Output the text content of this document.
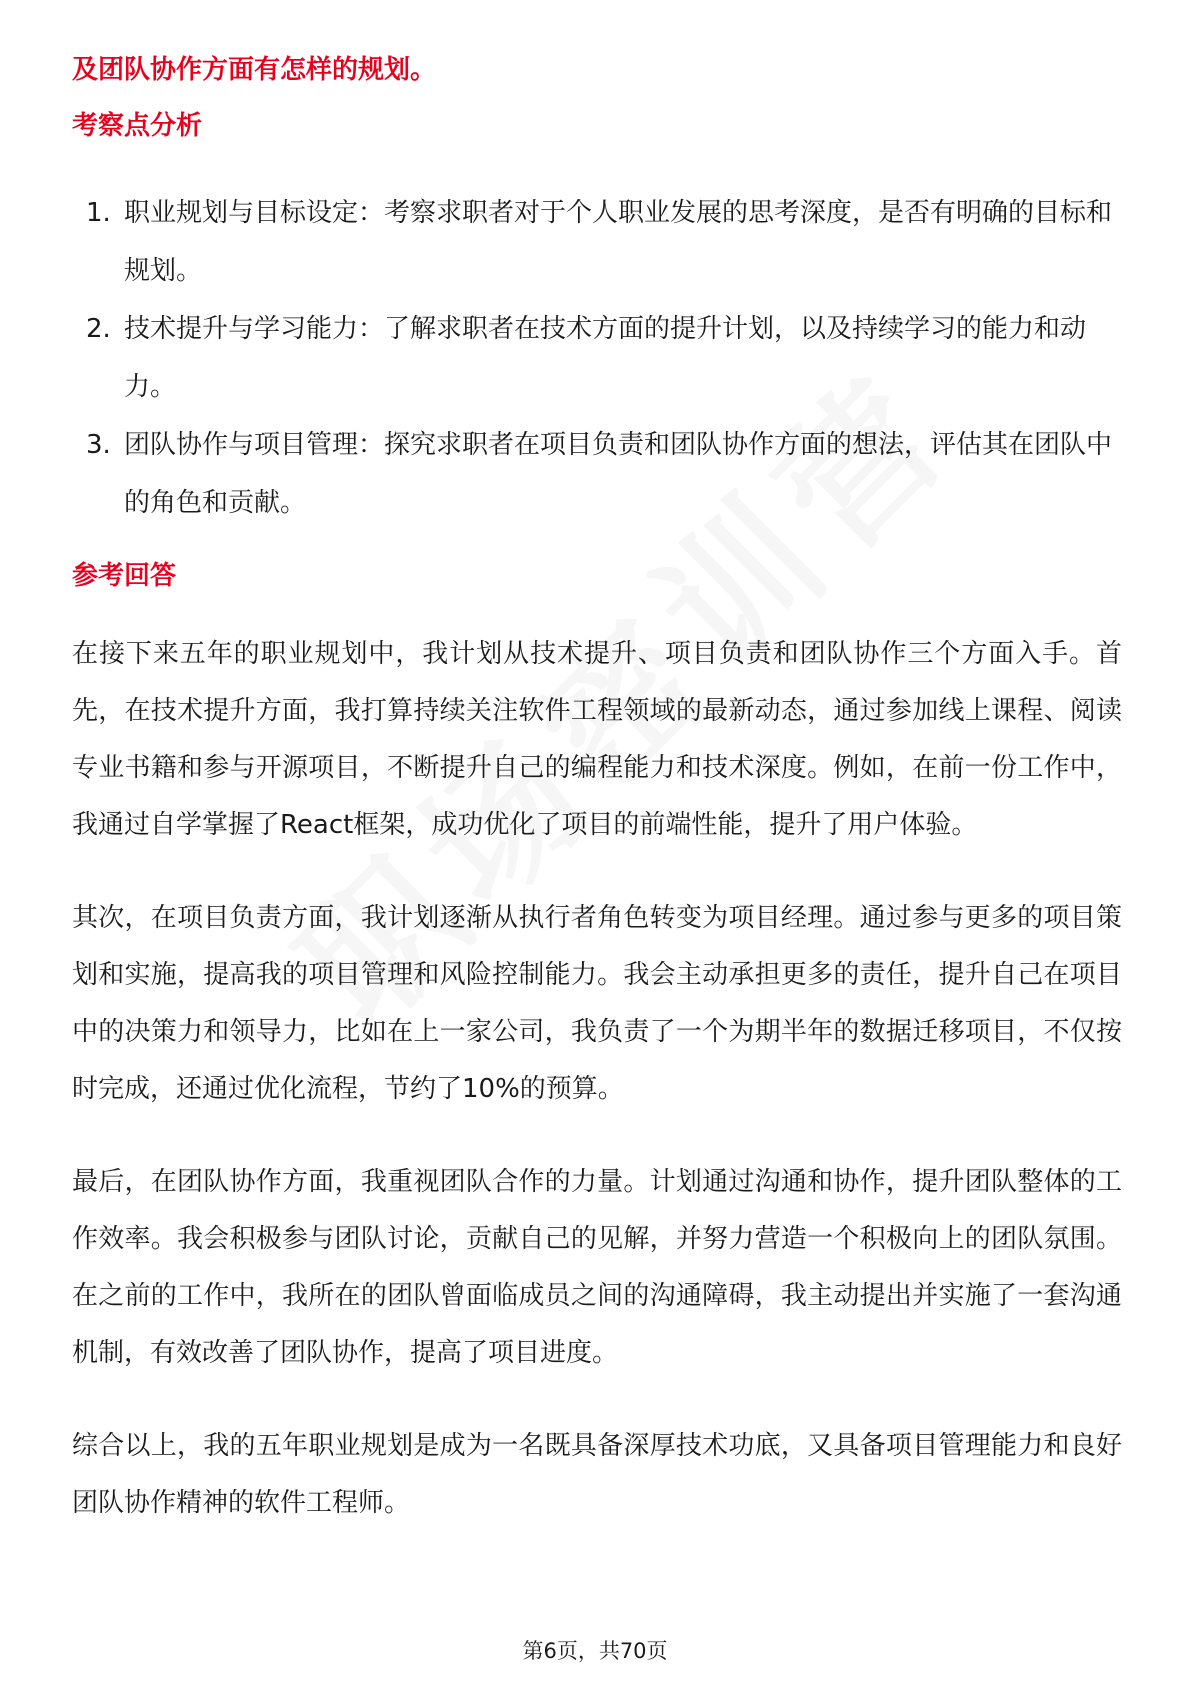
及团队协作方面有怎样的规划。

考察点分析

1. 职业规划与目标设定：考察求职者对于个人职业发展的思考深度，是否有明确的目标和规划。
2. 技术提升与学习能力：了解求职者在技术方面的提升计划，以及持续学习的能力和动力。
3. 团队协作与项目管理：探究求职者在项目负责和团队协作方面的想法，评估其在团队中的角色和贡献。

参考回答

在接下来五年的职业规划中，我计划从技术提升、项目负责和团队协作三个方面入手。首先，在技术提升方面，我打算持续关注软件工程领域的最新动态，通过参加线上课程、阅读专业书籍和参与开源项目，不断提升自己的编程能力和技术深度。例如，在前一份工作中，我通过自学掌握了React框架，成功优化了项目的前端性能，提升了用户体验。

其次，在项目负责方面，我计划逐渐从执行者角色转变为项目经理。通过参与更多的项目策划和实施，提高我的项目管理和风险控制能力。我会主动承担更多的责任，提升自己在项目中的决策力和领导力，比如在上一家公司，我负责了一个为期半年的数据迁移项目，不仅按时完成，还通过优化流程，节约了10%的预算。

最后，在团队协作方面，我重视团队合作的力量。计划通过沟通和协作，提升团队整体的工作效率。我会积极参与团队讨论，贡献自己的见解，并努力营造一个积极向上的团队氛围。在之前的工作中，我所在的团队曾面临成员之间的沟通障碍，我主动提出并实施了一套沟通机制，有效改善了团队协作，提高了项目进度。

综合以上，我的五年职业规划是成为一名既具备深厚技术功底，又具备项目管理能力和良好团队协作精神的软件工程师。

第6页，共70页
